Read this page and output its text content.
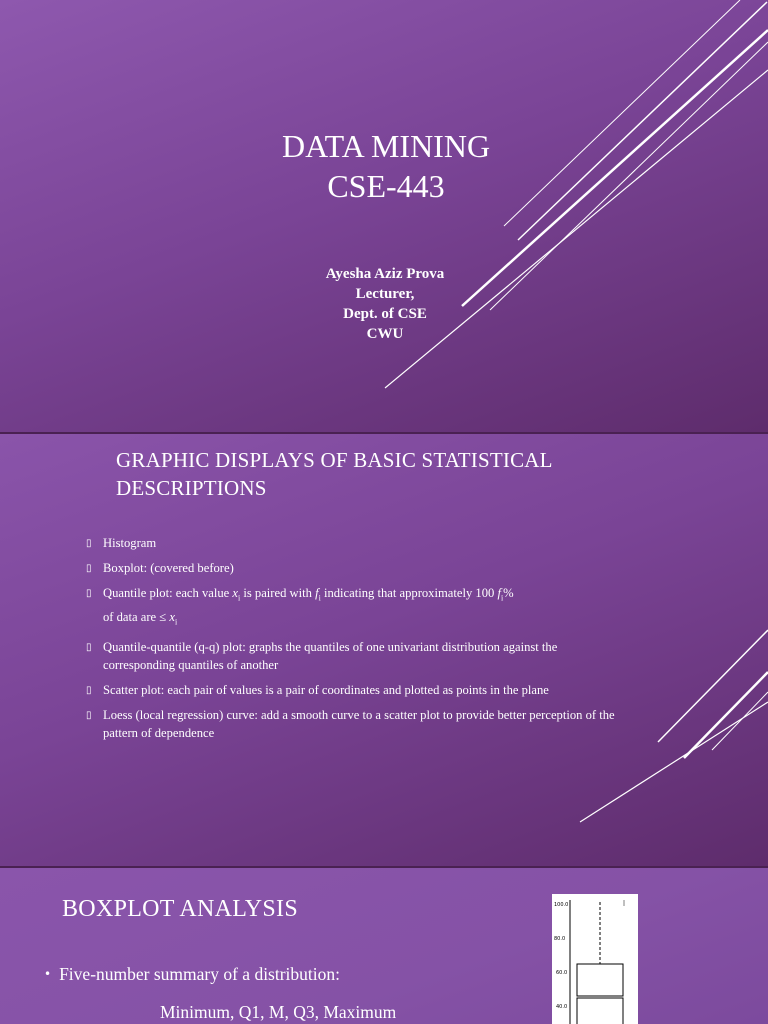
DATA MINING
CSE-443
Ayesha Aziz Prova
Lecturer,
Dept. of CSE
CWU
GRAPHIC DISPLAYS OF BASIC STATISTICAL
DESCRIPTIONS
▯ Histogram
▯ Boxplot: (covered before)
▯ Quantile plot: each value $x_i$ is paired with $f_i$ indicating that approximately 100 $f_i\%$
of data are ≤ $x_i$
▯ Quantile-quantile (q-q) plot: graphs the quantiles of one univariant distribution against the corresponding quantiles of another
▯ Scatter plot: each pair of values is a pair of coordinates and plotted as points in the plane
▯ Loess (local regression) curve: add a smooth curve to a scatter plot to provide better perception of the pattern of dependence
BOXPLOT ANALYSIS
• Five-number summary of a distribution:
Minimum, Q1, M, Q3, Maximum
100.0
80.0
60.0
40.0
